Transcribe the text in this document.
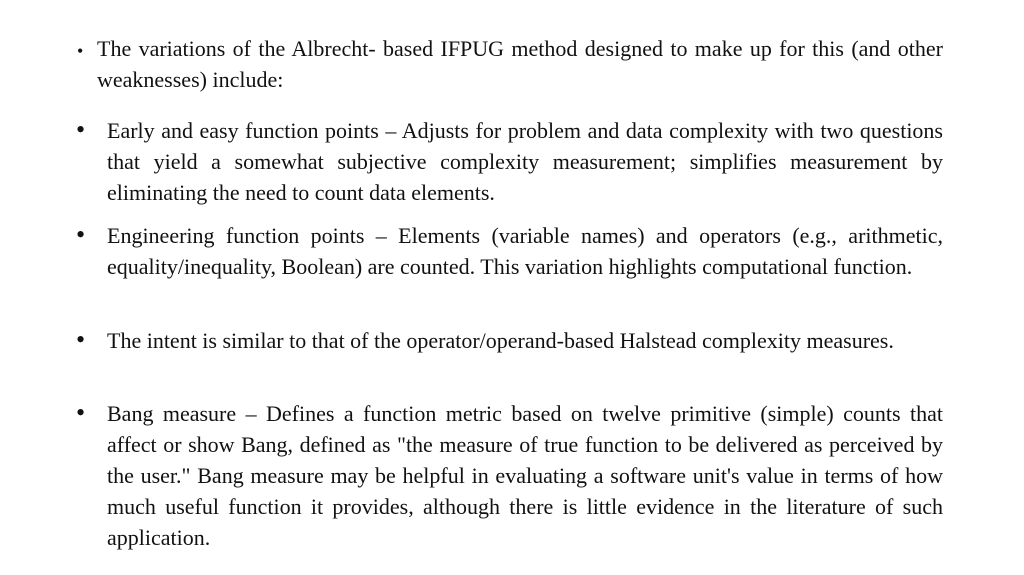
• The variations of the Albrecht- based IFPUG method designed to make up for this (and other weaknesses) include:

• Early and easy function points – Adjusts for problem and data complexity with two questions that yield a somewhat subjective complexity measurement; simplifies measurement by eliminating the need to count data elements.

• Engineering function points – Elements (variable names) and operators (e.g., arithmetic, equality/inequality, Boolean) are counted. This variation highlights computational function.

• The intent is similar to that of the operator/operand-based Halstead complexity measures.

• Bang measure – Defines a function metric based on twelve primitive (simple) counts that affect or show Bang, defined as "the measure of true function to be delivered as perceived by the user." Bang measure may be helpful in evaluating a software unit's value in terms of how much useful function it provides, although there is little evidence in the literature of such application.
